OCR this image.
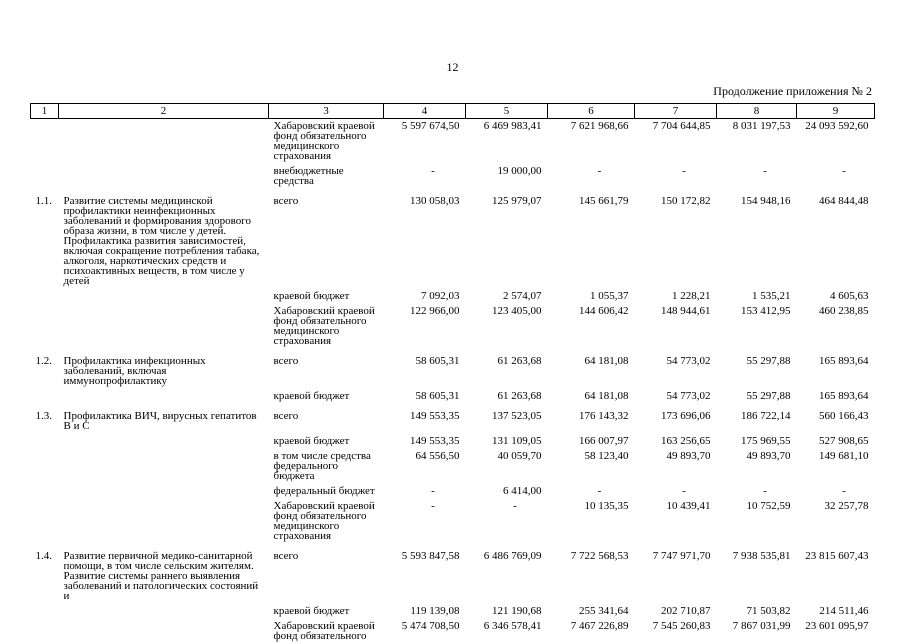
12
Продолжение приложения № 2
1	2	3	4	5	6	7	8	9
		Хабаровский краевой фонд обязательного медицинского страхования	5 597 674,50	6 469 983,41	7 621 968,66	7 704 644,85	8 031 197,53	24 093 592,60
		внебюджетные средства	-	19 000,00	-	-	-	-
1.1.	Развитие системы медицинской профилактики неинфекционных заболеваний и формирования здорового образа жизни, в том числе у детей. Профилактика развития зависимостей, включая сокращение потребления табака, алкоголя, наркотических средств и психоактивных веществ, в том числе у детей	всего	130 058,03	125 979,07	145 661,79	150 172,82	154 948,16	464 844,48
		краевой бюджет	7 092,03	2 574,07	1 055,37	1 228,21	1 535,21	4 605,63
		Хабаровский краевой фонд обязательного медицинского страхования	122 966,00	123 405,00	144 606,42	148 944,61	153 412,95	460 238,85
1.2.	Профилактика инфекционных заболеваний, включая иммунопрофилактику	всего	58 605,31	61 263,68	64 181,08	54 773,02	55 297,88	165 893,64
		краевой бюджет	58 605,31	61 263,68	64 181,08	54 773,02	55 297,88	165 893,64
1.3.	Профилактика ВИЧ, вирусных гепатитов В и С	всего	149 553,35	137 523,05	176 143,32	173 696,06	186 722,14	560 166,43
		краевой бюджет	149 553,35	131 109,05	166 007,97	163 256,65	175 969,55	527 908,65
		в том числе средства федерального бюджета	64 556,50	40 059,70	58 123,40	49 893,70	49 893,70	149 681,10
		федеральный бюджет	-	6 414,00	-	-	-	-
		Хабаровский краевой фонд обязательного медицинского страхования	-	-	10 135,35	10 439,41	10 752,59	32 257,78
1.4.	Развитие первичной медико-санитарной помощи, в том числе сельским жителям. Развитие системы раннего выявления заболеваний и патологических состояний и	всего	5 593 847,58	6 486 769,09	7 722 568,53	7 747 971,70	7 938 535,81	23 815 607,43
		краевой бюджет	119 139,08	121 190,68	255 341,64	202 710,87	71 503,82	214 511,46
		Хабаровский краевой фонд обязательного	5 474 708,50	6 346 578,41	7 467 226,89	7 545 260,83	7 867 031,99	23 601 095,97
